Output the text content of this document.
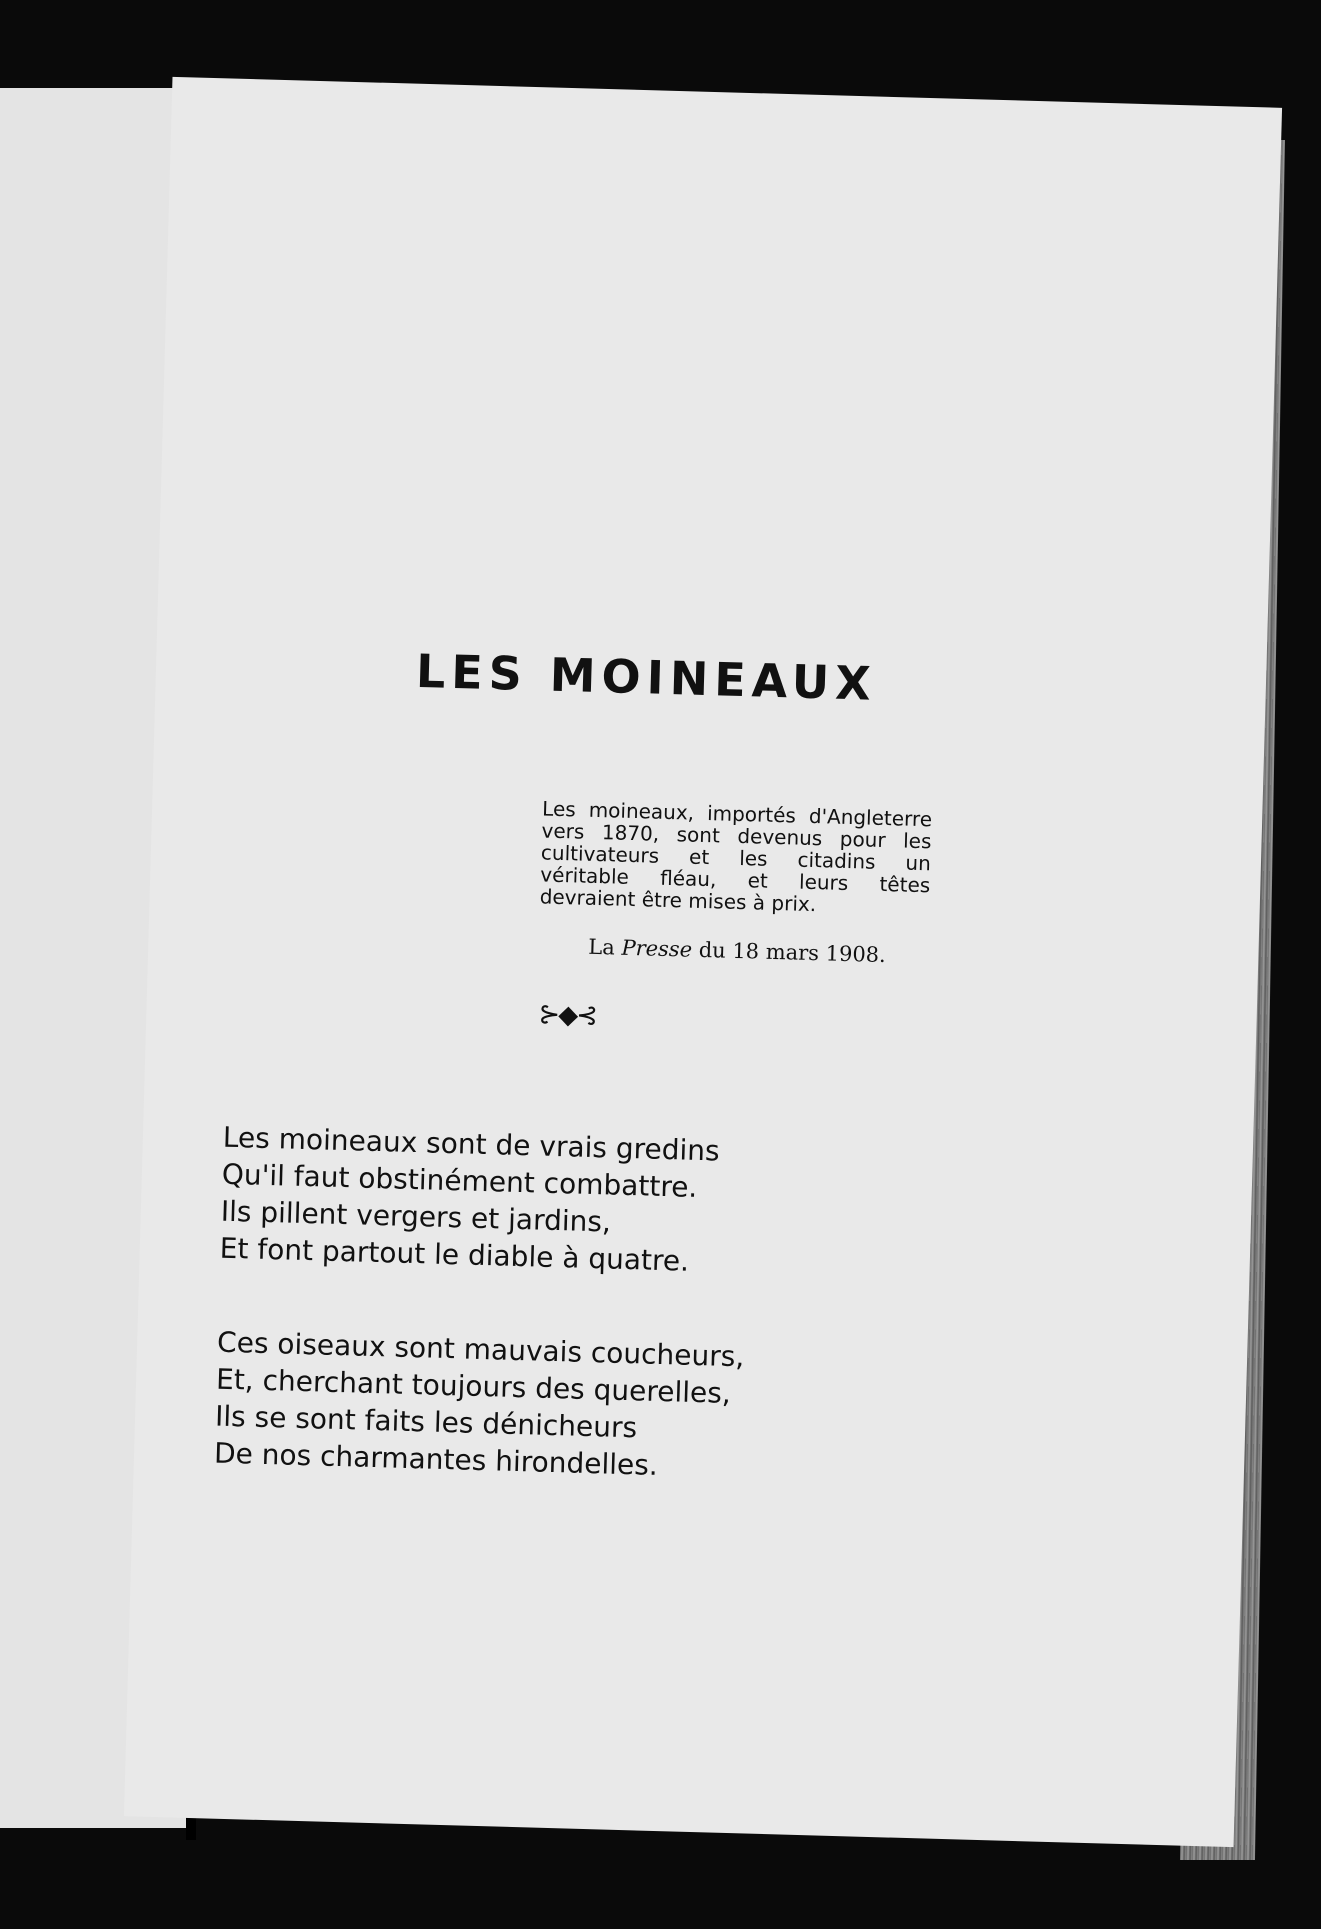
LES MOINEAUX

Les moineaux, importés d'Angleterre vers 1870, sont devenus pour les cultivateurs et les citadins un véritable fléau, et leurs têtes devraient être mises à prix.

La Presse du 18 mars 1908.
⊱◆⊰
Les moineaux sont de vrais gredins
Qu'il faut obstinément combattre.
Ils pillent vergers et jardins,
Et font partout le diable à quatre.
Ces oiseaux sont mauvais coucheurs,
Et, cherchant toujours des querelles,
Ils se sont faits les dénicheurs
De nos charmantes hirondelles.
